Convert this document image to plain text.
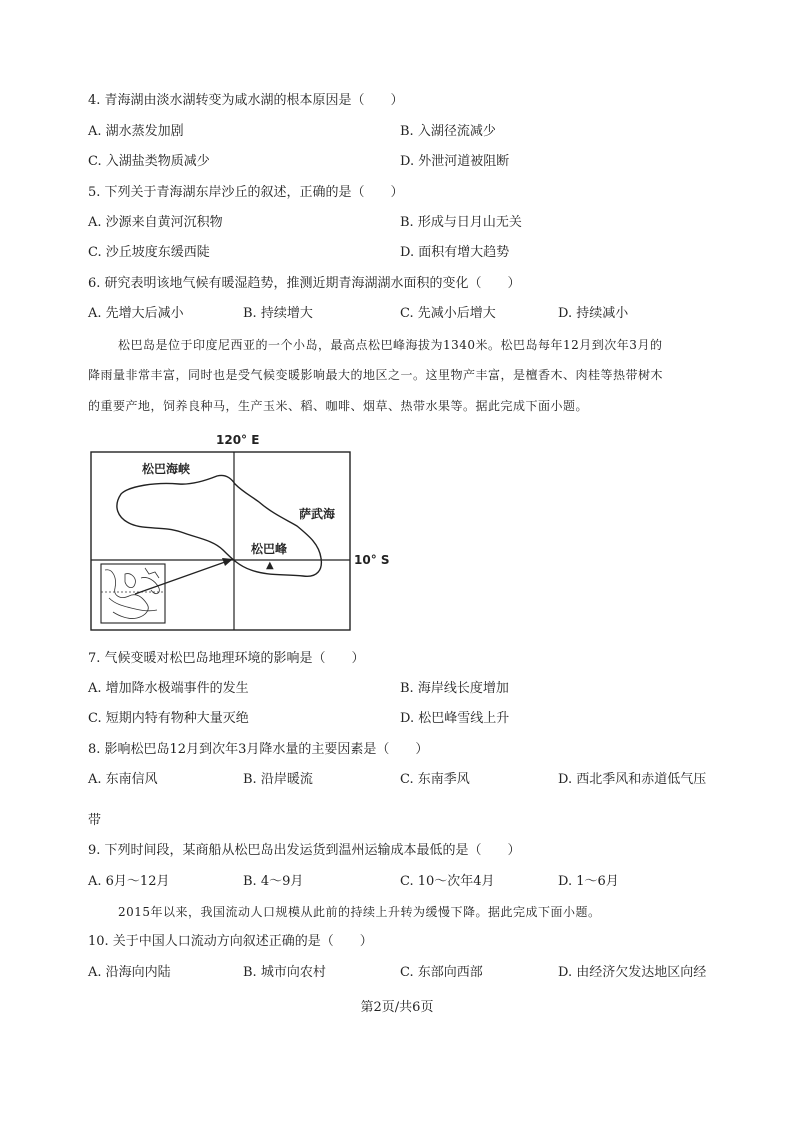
4. 青海湖由淡水湖转变为咸水湖的根本原因是（　　）
A. 湖水蒸发加剧	B. 入湖径流减少
C. 入湖盐类物质减少	D. 外泄河道被阻断
5. 下列关于青海湖东岸沙丘的叙述，正确的是（　　）
A. 沙源来自黄河沉积物	B. 形成与日月山无关
C. 沙丘坡度东缓西陡	D. 面积有增大趋势
6. 研究表明该地气候有暖湿趋势，推测近期青海湖湖水面积的变化（　　）
A. 先增大后减小	B. 持续增大	C. 先减小后增大	D. 持续减小
松巴岛是位于印度尼西亚的一个小岛，最高点松巴峰海拔为1340米。松巴岛每年12月到次年3月的
降雨量非常丰富，同时也是受气候变暖影响最大的地区之一。这里物产丰富，是檀香木、肉桂等热带树木
的重要产地，饲养良种马，生产玉米、稻、咖啡、烟草、热带水果等。据此完成下面小题。
120° E
松巴海峡
萨武海
松巴峰
▲	10° S
7. 气候变暖对松巴岛地理环境的影响是（　　）
A. 增加降水极端事件的发生	B. 海岸线长度增加
C. 短期内特有物种大量灭绝	D. 松巴峰雪线上升
8. 影响松巴岛12月到次年3月降水量的主要因素是（　　）
A. 东南信风	B. 沿岸暖流	C. 东南季风	D. 西北季风和赤道低气压
带
9. 下列时间段，某商船从松巴岛出发运货到温州运输成本最低的是（　　）
A. 6月～12月	B. 4～9月	C. 10～次年4月	D. 1～6月
2015年以来，我国流动人口规模从此前的持续上升转为缓慢下降。据此完成下面小题。
10. 关于中国人口流动方向叙述正确的是（　　）
A. 沿海向内陆	B. 城市向农村	C. 东部向西部	D. 由经济欠发达地区向经
第2页/共6页
